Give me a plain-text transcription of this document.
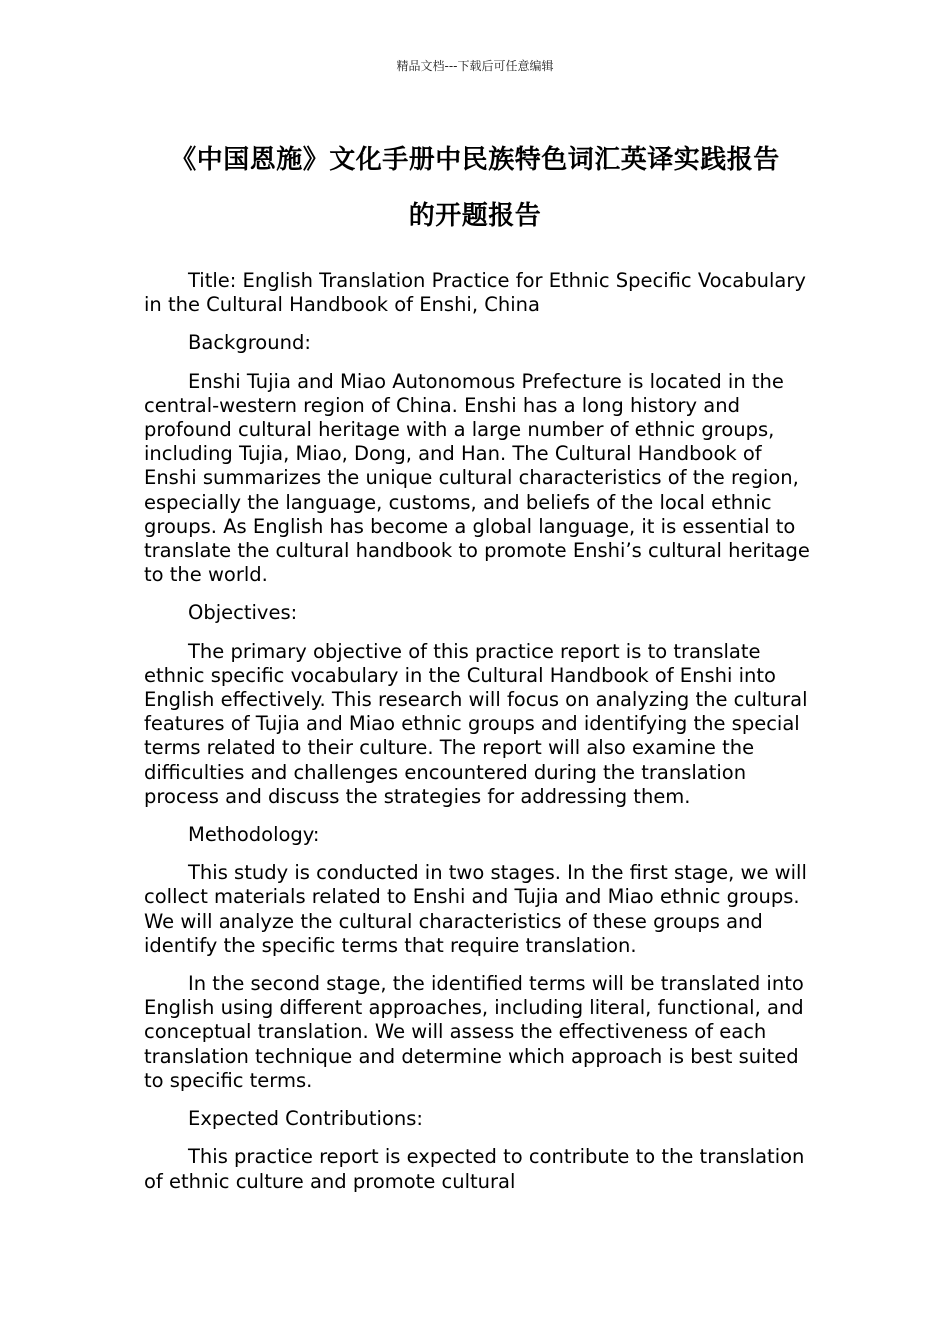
精品文档---下载后可任意编辑
《中国恩施》文化手册中民族特色词汇英译实践报告
的开题报告

Title: English Translation Practice for Ethnic Specific Vocabulary in the Cultural Handbook of Enshi, China

Background:

Enshi Tujia and Miao Autonomous Prefecture is located in the central-western region of China. Enshi has a long history and profound cultural heritage with a large number of ethnic groups, including Tujia, Miao, Dong, and Han. The Cultural Handbook of Enshi summarizes the unique cultural characteristics of the region, especially the language, customs, and beliefs of the local ethnic groups. As English has become a global language, it is essential to translate the cultural handbook to promote Enshi’s cultural heritage to the world.

Objectives:

The primary objective of this practice report is to translate ethnic specific vocabulary in the Cultural Handbook of Enshi into English effectively. This research will focus on analyzing the cultural features of Tujia and Miao ethnic groups and identifying the special terms related to their culture. The report will also examine the difficulties and challenges encountered during the translation process and discuss the strategies for addressing them.

Methodology:

This study is conducted in two stages. In the first stage, we will collect materials related to Enshi and Tujia and Miao ethnic groups. We will analyze the cultural characteristics of these groups and identify the specific terms that require translation.

In the second stage, the identified terms will be translated into English using different approaches, including literal, functional, and conceptual translation. We will assess the effectiveness of each translation technique and determine which approach is best suited to specific terms.

Expected Contributions:

This practice report is expected to contribute to the translation of ethnic culture and promote cultural
